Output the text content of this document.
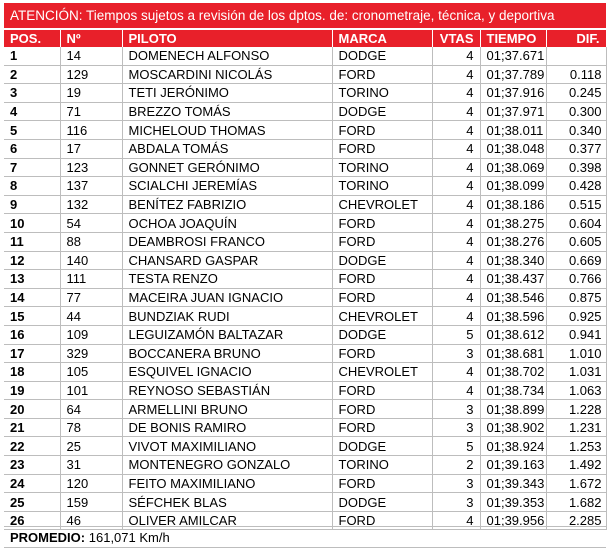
ATENCIÓN: Tiempos sujetos a revisión de los dptos. de: cronometraje, técnica, y deportiva
POS.	Nº	PILOTO	MARCA	VTAS	TIEMPO	DIF.
1	14	DOMENECH ALFONSO	DODGE	4	01;37.671	
2	129	MOSCARDINI NICOLÁS	FORD	4	01;37.789	0.118
3	19	TETI JERÓNIMO	TORINO	4	01;37.916	0.245
4	71	BREZZO TOMÁS	DODGE	4	01;37.971	0.300
5	116	MICHELOUD THOMAS	FORD	4	01;38.011	0.340
6	17	ABDALA TOMÁS	FORD	4	01;38.048	0.377
7	123	GONNET GERÓNIMO	TORINO	4	01;38.069	0.398
8	137	SCIALCHI JEREMÍAS	TORINO	4	01;38.099	0.428
9	132	BENÍTEZ FABRIZIO	CHEVROLET	4	01;38.186	0.515
10	54	OCHOA JOAQUÍN	FORD	4	01;38.275	0.604
11	88	DEAMBROSI FRANCO	FORD	4	01;38.276	0.605
12	140	CHANSARD GASPAR	DODGE	4	01;38.340	0.669
13	111	TESTA RENZO	FORD	4	01;38.437	0.766
14	77	MACEIRA JUAN IGNACIO	FORD	4	01;38.546	0.875
15	44	BUNDZIAK RUDI	CHEVROLET	4	01;38.596	0.925
16	109	LEGUIZAMÓN BALTAZAR	DODGE	5	01;38.612	0.941
17	329	BOCCANERA BRUNO	FORD	3	01;38.681	1.010
18	105	ESQUIVEL IGNACIO	CHEVROLET	4	01;38.702	1.031
19	101	REYNOSO SEBASTIÁN	FORD	4	01;38.734	1.063
20	64	ARMELLINI BRUNO	FORD	3	01;38.899	1.228
21	78	DE BONIS RAMIRO	FORD	3	01;38.902	1.231
22	25	VIVOT MAXIMILIANO	DODGE	5	01;38.924	1.253
23	31	MONTENEGRO GONZALO	TORINO	2	01;39.163	1.492
24	120	FEITO MAXIMILIANO	FORD	3	01;39.343	1.672
25	159	SÉFCHEK BLAS	DODGE	3	01;39.353	1.682
26	46	OLIVER AMILCAR	FORD	4	01;39.956	2.285
PROMEDIO: 161,071 Km/h
